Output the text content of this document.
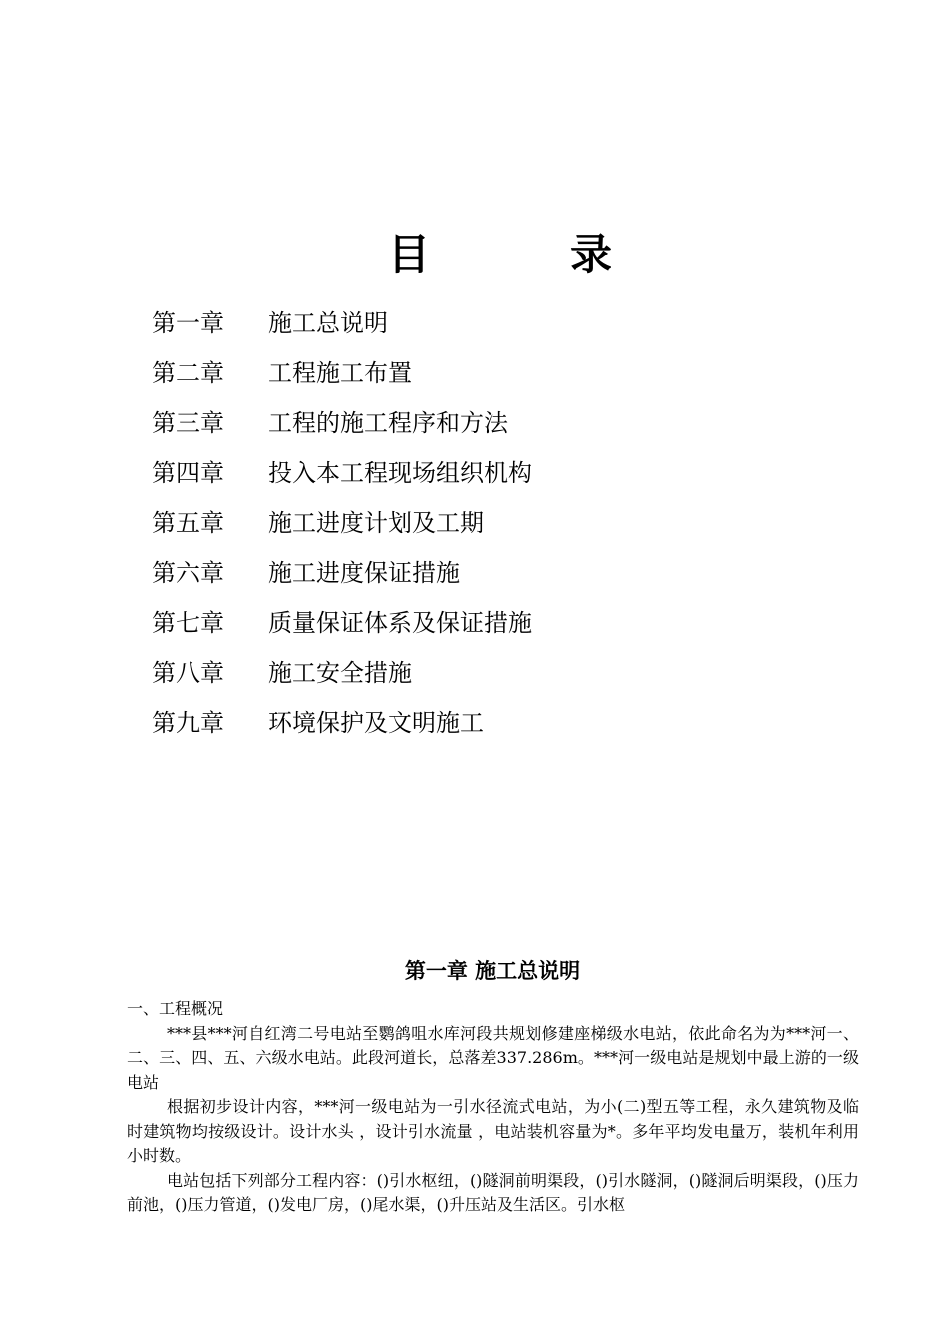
目	录
第一章 施工总说明
第二章 工程施工布置
第三章 工程的施工程序和方法
第四章 投入本工程现场组织机构
第五章 施工进度计划及工期
第六章 施工进度保证措施
第七章 质量保证体系及保证措施
第八章 施工安全措施
第九章 环境保护及文明施工
第一章 施工总说明

一、工程概况

***县***河自红湾二号电站至鹦鸽咀水库河段共规划修建座梯级水电站，依此命名为为***河一、二、三、四、五、六级水电站。此段河道长，总落差337.286m。***河一级电站是规划中最上游的一级电站

根据初步设计内容，***河一级电站为一引水径流式电站，为小(二)型五等工程，永久建筑物及临时建筑物均按级设计。设计水头 ，设计引水流量 ，电站装机容量为*。多年平均发电量万，装机年利用小时数。

电站包括下列部分工程内容：()引水枢纽，()隧洞前明渠段，()引水隧洞，()隧洞后明渠段，()压力前池，()压力管道，()发电厂房，()尾水渠，()升压站及生活区。引水枢
